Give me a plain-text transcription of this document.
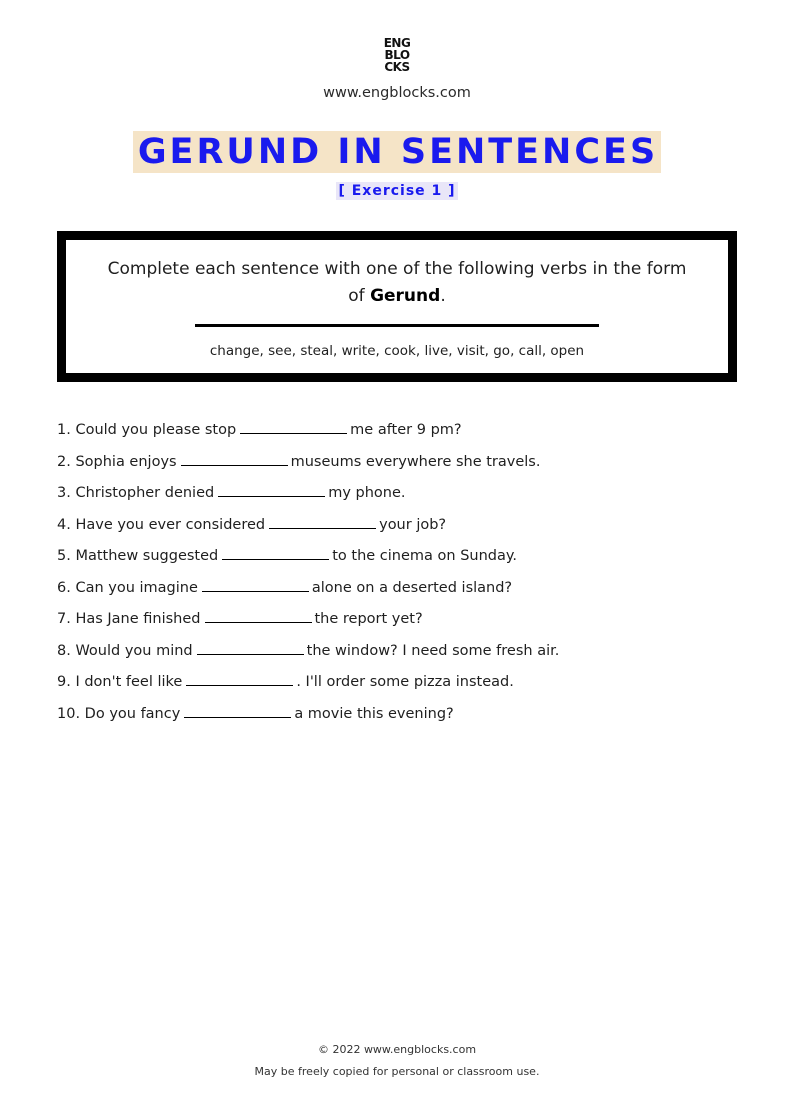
ENG
BLO
CKS
www.engblocks.com
GERUND IN SENTENCES
[ Exercise 1 ]
Complete each sentence with one of the following verbs in the form of Gerund.
change, see, steal, write, cook, live, visit, go, call, open
1. Could you please stop	me after 9 pm?
2. Sophia enjoys	museums everywhere she travels.
3. Christopher denied	my phone.
4. Have you ever considered	your job?
5. Matthew suggested	to the cinema on Sunday.
6. Can you imagine	alone on a deserted island?
7. Has Jane finished	the report yet?
8. Would you mind	the window? I need some fresh air.
9. I don't feel like	. I'll order some pizza instead.
10. Do you fancy	a movie this evening?
© 2022 www.engblocks.com
May be freely copied for personal or classroom use.
